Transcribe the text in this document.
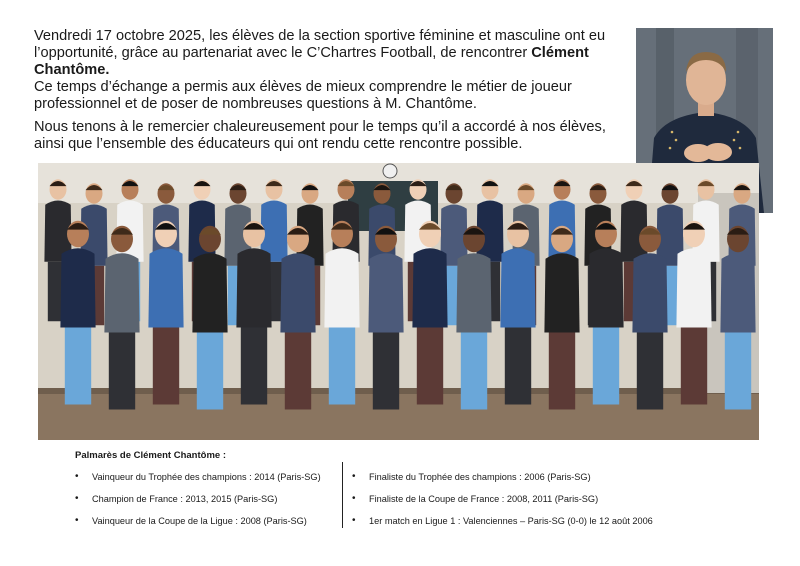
Vendredi 17 octobre 2025, les élèves de la section sportive féminine et masculine ont eu l’opportunité, grâce au partenariat avec le C’Chartres Football, de rencontrer Clément Chantôme.
Ce temps d’échange a permis aux élèves de mieux comprendre le métier de joueur professionnel et de poser de nombreuses questions à M. Chantôme.

Nous tenons à le remercier chaleureusement pour le temps qu’il a accordé à nos élèves, ainsi que l’ensemble des éducateurs qui ont rendu cette rencontre possible.

Palmarès de Clément Chantôme :
• Vainqueur du Trophée des champions : 2014 (Paris-SG)
• Champion de France : 2013, 2015 (Paris-SG)
• Vainqueur de la Coupe de la Ligue : 2008 (Paris-SG)
• Finaliste du Trophée des champions : 2006 (Paris-SG)
• Finaliste de la Coupe de France : 2008, 2011 (Paris-SG)
• 1er match en Ligue 1 : Valenciennes – Paris-SG (0-0) le 12 août 2006
